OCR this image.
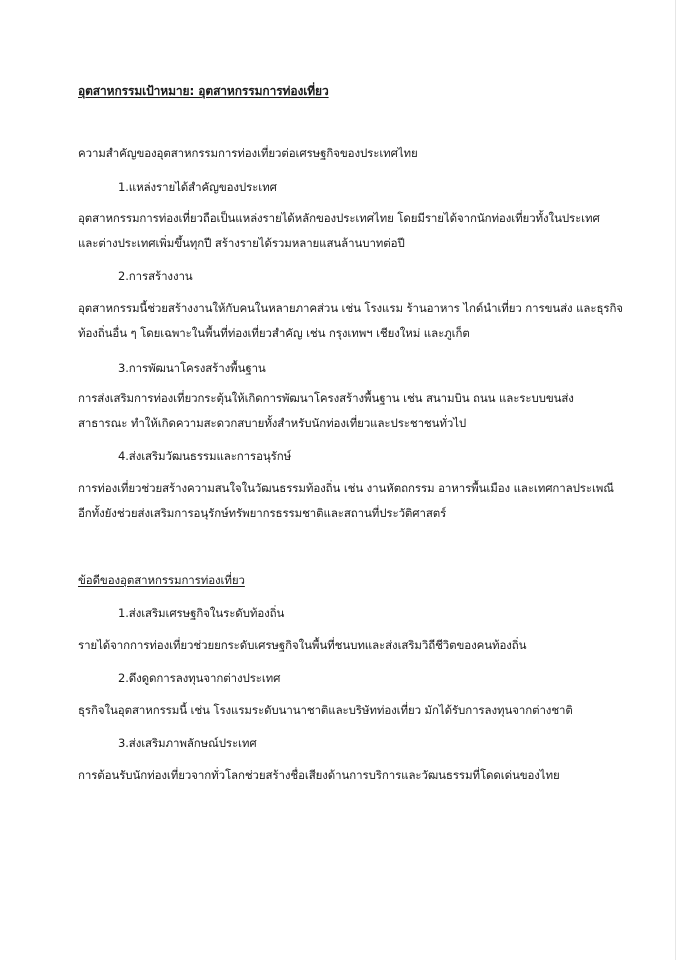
อุตสาหกรรมเป้าหมาย: อุตสาหกรรมการท่องเที่ยว
ความสำคัญของอุตสาหกรรมการท่องเที่ยวต่อเศรษฐกิจของประเทศไทย
1.แหล่งรายได้สำคัญของประเทศ
อุตสาหกรรมการท่องเที่ยวถือเป็นแหล่งรายได้หลักของประเทศไทย โดยมีรายได้จากนักท่องเที่ยวทั้งในประเทศ
และต่างประเทศเพิ่มขึ้นทุกปี สร้างรายได้รวมหลายแสนล้านบาทต่อปี
2.การสร้างงาน
อุตสาหกรรมนี้ช่วยสร้างงานให้กับคนในหลายภาคส่วน เช่น โรงแรม ร้านอาหาร ไกด์นำเที่ยว การขนส่ง และธุรกิจ
ท้องถิ่นอื่น ๆ โดยเฉพาะในพื้นที่ท่องเที่ยวสำคัญ เช่น กรุงเทพฯ เชียงใหม่ และภูเก็ต
3.การพัฒนาโครงสร้างพื้นฐาน
การส่งเสริมการท่องเที่ยวกระตุ้นให้เกิดการพัฒนาโครงสร้างพื้นฐาน เช่น สนามบิน ถนน และระบบขนส่ง
สาธารณะ ทำให้เกิดความสะดวกสบายทั้งสำหรับนักท่องเที่ยวและประชาชนทั่วไป
4.ส่งเสริมวัฒนธรรมและการอนุรักษ์
การท่องเที่ยวช่วยสร้างความสนใจในวัฒนธรรมท้องถิ่น เช่น งานหัตถกรรม อาหารพื้นเมือง และเทศกาลประเพณี
อีกทั้งยังช่วยส่งเสริมการอนุรักษ์ทรัพยากรธรรมชาติและสถานที่ประวัติศาสตร์
ข้อดีของอุตสาหกรรมการท่องเที่ยว
1.ส่งเสริมเศรษฐกิจในระดับท้องถิ่น
รายได้จากการท่องเที่ยวช่วยยกระดับเศรษฐกิจในพื้นที่ชนบทและส่งเสริมวิถีชีวิตของคนท้องถิ่น
2.ดึงดูดการลงทุนจากต่างประเทศ
ธุรกิจในอุตสาหกรรมนี้ เช่น โรงแรมระดับนานาชาติและบริษัทท่องเที่ยว มักได้รับการลงทุนจากต่างชาติ
3.ส่งเสริมภาพลักษณ์ประเทศ
การต้อนรับนักท่องเที่ยวจากทั่วโลกช่วยสร้างชื่อเสียงด้านการบริการและวัฒนธรรมที่โดดเด่นของไทย
